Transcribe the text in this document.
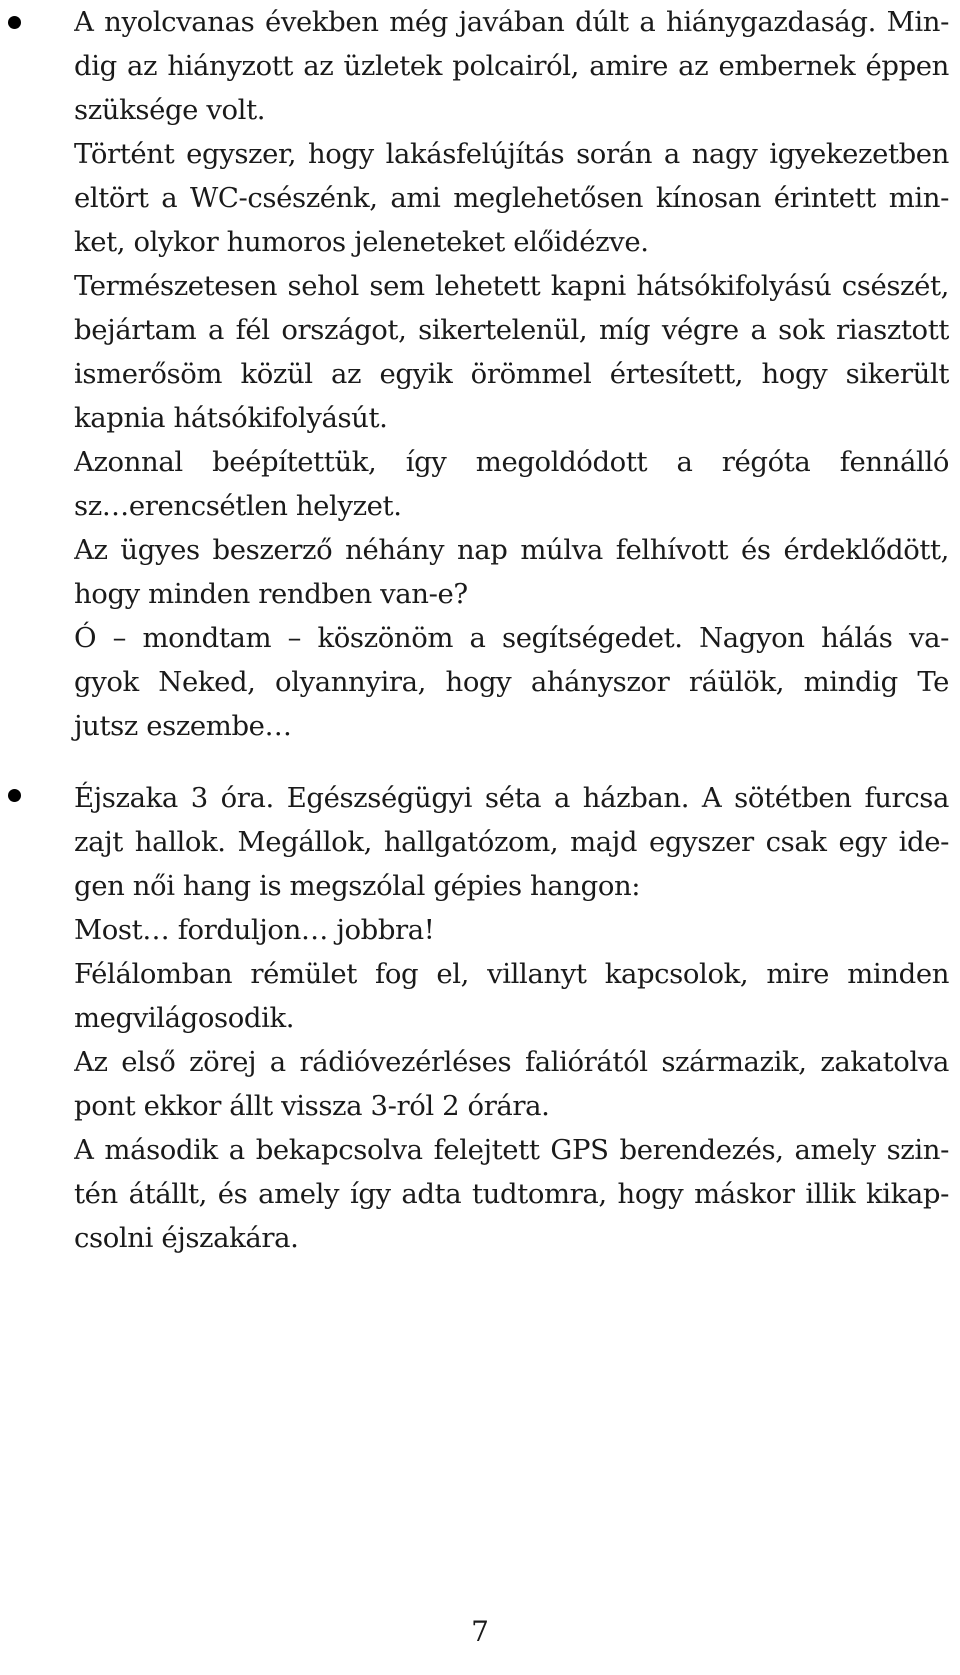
A nyolcvanas években még javában dúlt a hiánygazdaság. Min-
dig az hiányzott az üzletek polcairól, amire az embernek éppen
szüksége volt.
Történt egyszer, hogy lakásfelújítás során a nagy igyekezetben
eltört a WC-csészénk, ami meglehetősen kínosan érintett min-
ket, olykor humoros jeleneteket előidézve.
Természetesen sehol sem lehetett kapni hátsókifolyású csészét,
bejártam a fél országot, sikertelenül, míg végre a sok riasztott
ismerősöm közül az egyik örömmel értesített, hogy sikerült
kapnia hátsókifolyásút.
Azonnal beépítettük, így megoldódott a régóta fennálló
sz…erencsétlen helyzet.
Az ügyes beszerző néhány nap múlva felhívott és érdeklődött,
hogy minden rendben van-e?
Ó – mondtam – köszönöm a segítségedet. Nagyon hálás va-
gyok Neked, olyannyira, hogy ahányszor ráülök, mindig Te
jutsz eszembe…
Éjszaka 3 óra. Egészségügyi séta a házban. A sötétben furcsa
zajt hallok. Megállok, hallgatózom, majd egyszer csak egy ide-
gen női hang is megszólal gépies hangon:
Most… forduljon… jobbra!
Félálomban rémület fog el, villanyt kapcsolok, mire minden
megvilágosodik.
Az első zörej a rádióvezérléses faliórától származik, zakatolva
pont ekkor állt vissza 3-ról 2 órára.
A második a bekapcsolva felejtett GPS berendezés, amely szin-
tén átállt, és amely így adta tudtomra, hogy máskor illik kikap-
csolni éjszakára.
7
